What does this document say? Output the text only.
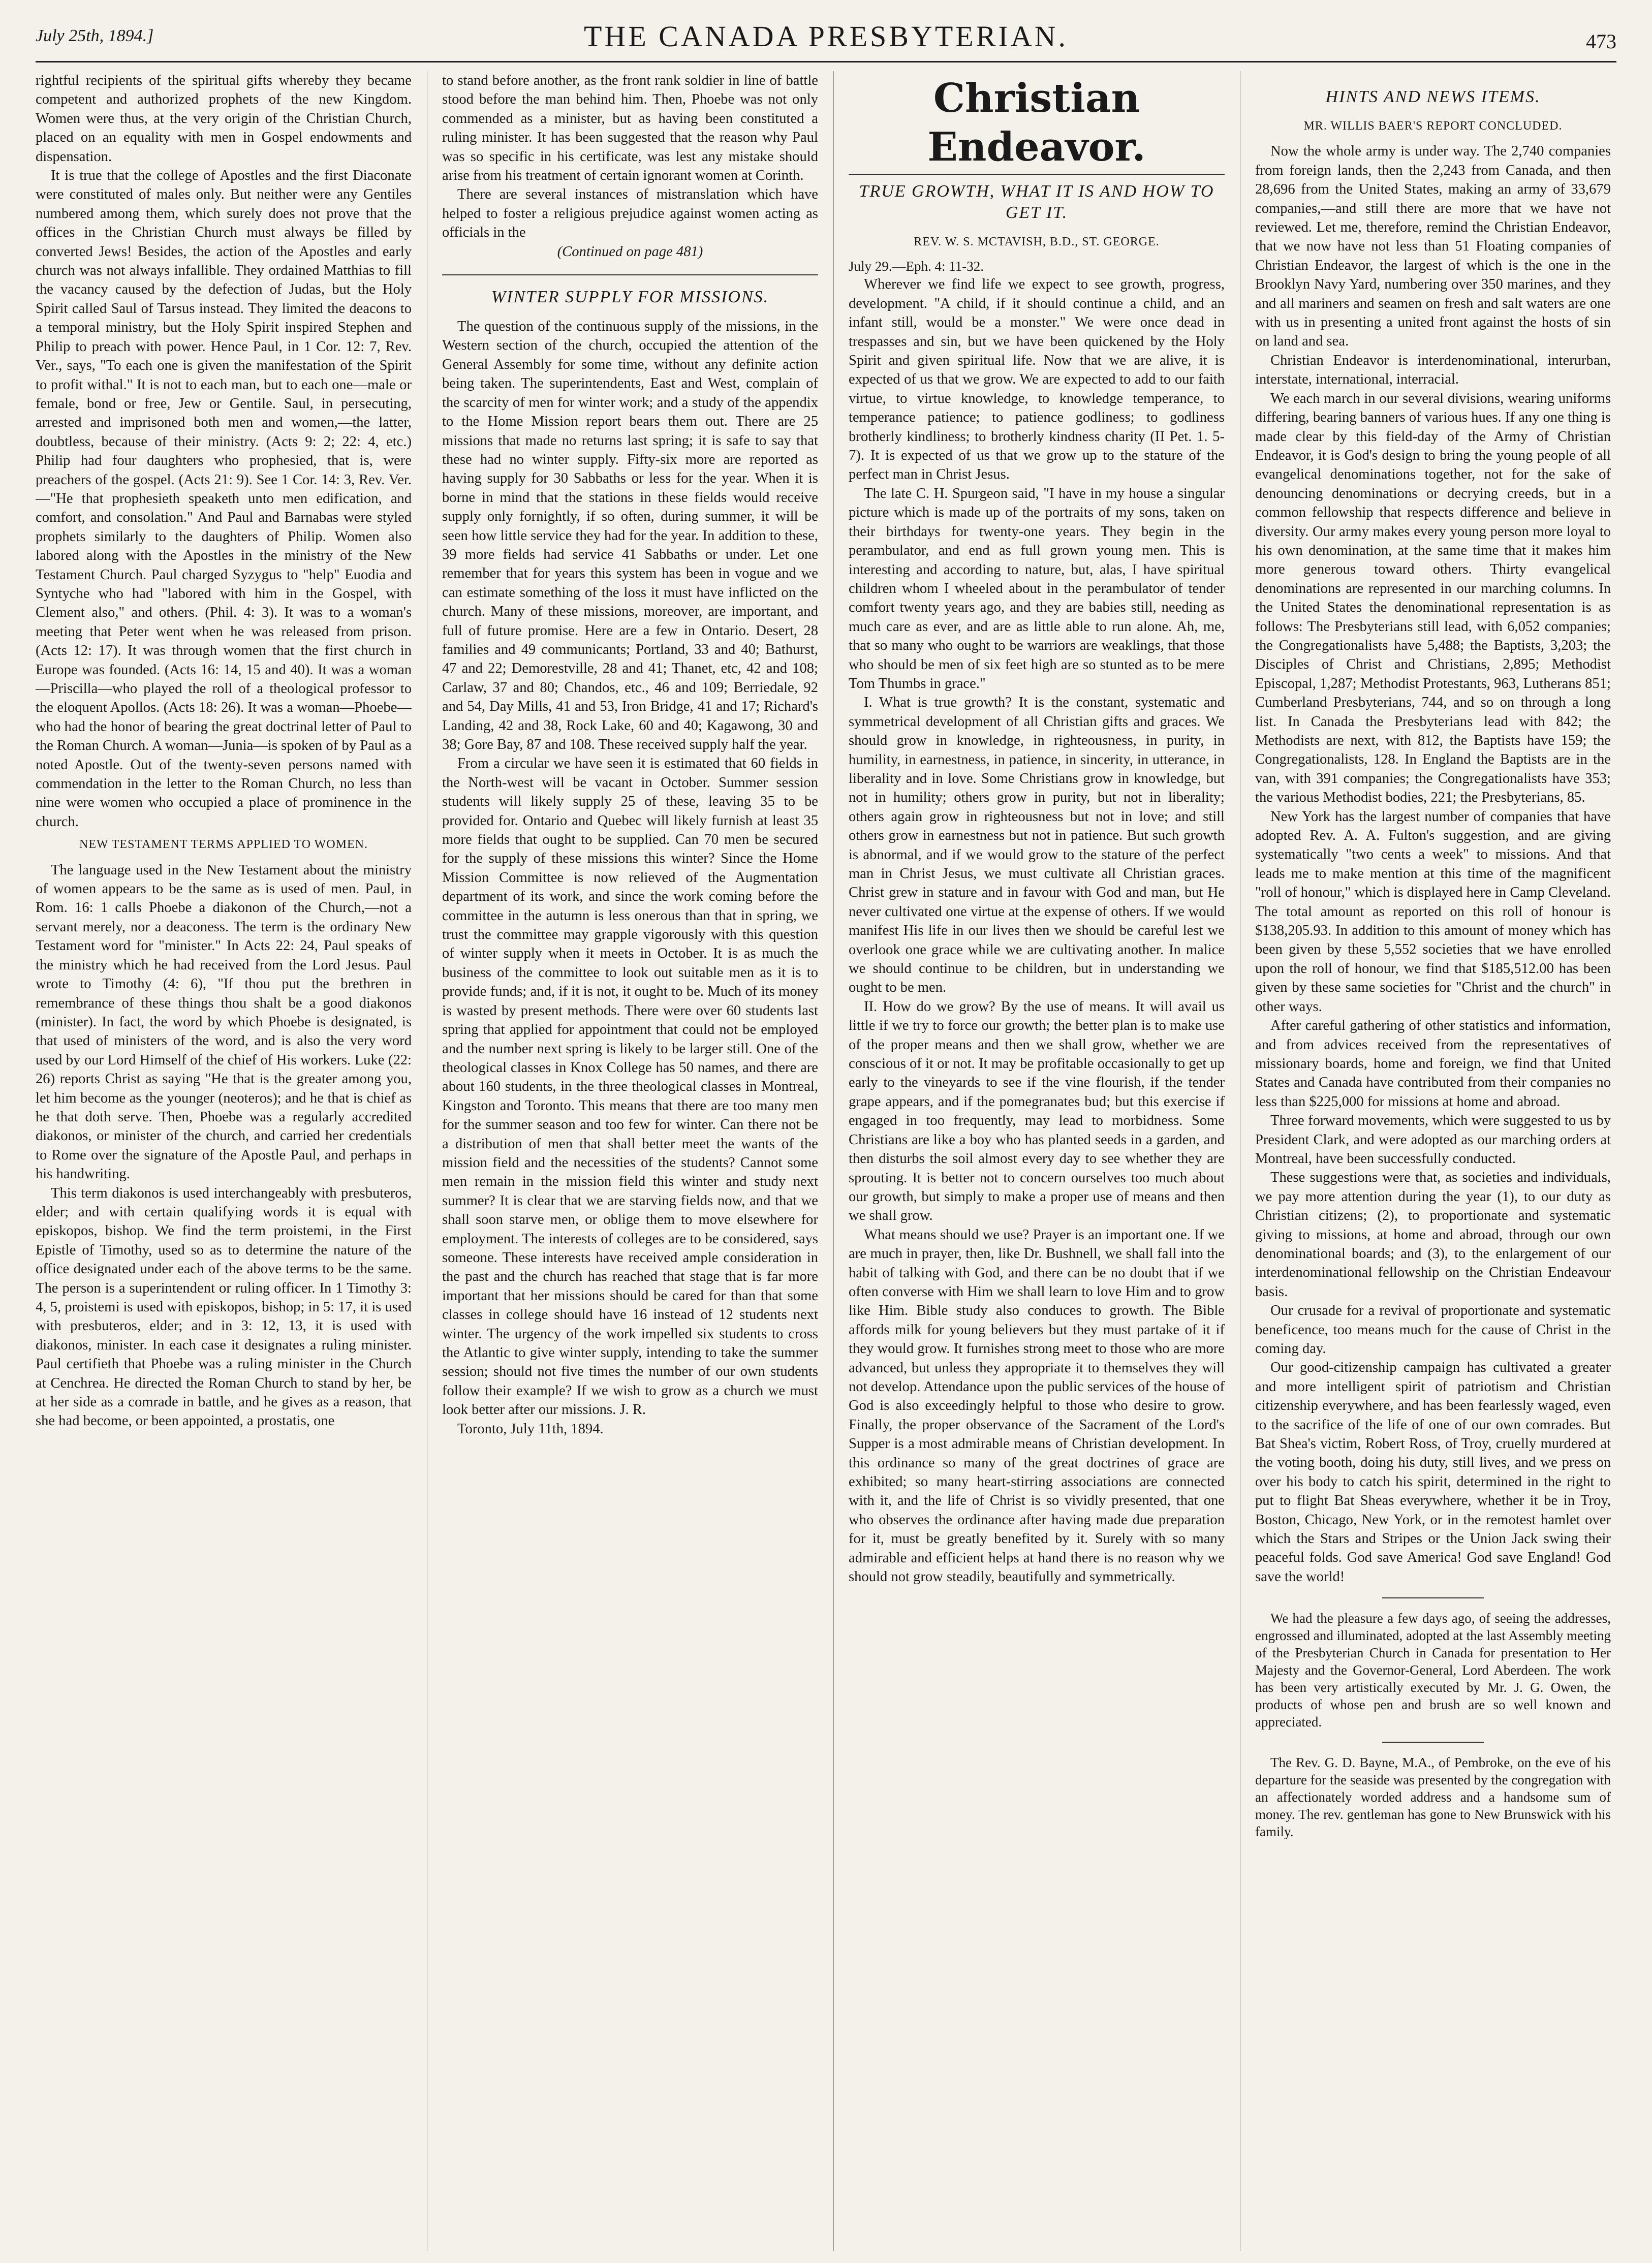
July 25th, 1894.]	THE CANADA PRESBYTERIAN.	473

rightful recipients of the spiritual gifts whereby they became competent and authorized prophets of the new Kingdom. Women were thus, at the very origin of the Christian Church, placed on an equality with men in Gospel endowments and dispensation.

It is true that the college of Apostles and the first Diaconate were constituted of males only. But neither were any Gentiles numbered among them, which surely does not prove that the offices in the Christian Church must always be filled by converted Jews! Besides, the action of the Apostles and early church was not always infallible. They ordained Matthias to fill the vacancy caused by the defection of Judas, but the Holy Spirit called Saul of Tarsus instead. They limited the deacons to a temporal ministry, but the Holy Spirit inspired Stephen and Philip to preach with power. Hence Paul, in 1 Cor. 12: 7, Rev. Ver., says, "To each one is given the manifestation of the Spirit to profit withal." It is not to each man, but to each one—male or female, bond or free, Jew or Gentile. Saul, in persecuting, arrested and imprisoned both men and women,—the latter, doubtless, because of their ministry. (Acts 9: 2; 22: 4, etc.) Philip had four daughters who prophesied, that is, were preachers of the gospel. (Acts 21: 9). See 1 Cor. 14: 3, Rev. Ver.—"He that prophesieth speaketh unto men edification, and comfort, and consolation." And Paul and Barnabas were styled prophets similarly to the daughters of Philip. Women also labored along with the Apostles in the ministry of the New Testament Church. Paul charged Syzygus to "help" Euodia and Syntyche who had "labored with him in the Gospel, with Clement also," and others. (Phil. 4: 3). It was to a woman's meeting that Peter went when he was released from prison. (Acts 12: 17). It was through women that the first church in Europe was founded. (Acts 16: 14, 15 and 40). It was a woman—Priscilla—who played the roll of a theological professor to the eloquent Apollos. (Acts 18: 26). It was a woman—Phoebe—who had the honor of bearing the great doctrinal letter of Paul to the Roman Church. A woman—Junia—is spoken of by Paul as a noted Apostle. Out of the twenty-seven persons named with commendation in the letter to the Roman Church, no less than nine were women who occupied a place of prominence in the church.

NEW TESTAMENT TERMS APPLIED TO WOMEN.

The language used in the New Testament about the ministry of women appears to be the same as is used of men. Paul, in Rom. 16: 1 calls Phoebe a diakonon of the Church,—not a servant merely, nor a deaconess. The term is the ordinary New Testament word for "minister." In Acts 22: 24, Paul speaks of the ministry which he had received from the Lord Jesus. Paul wrote to Timothy (4: 6), "If thou put the brethren in remembrance of these things thou shalt be a good diakonos (minister). In fact, the word by which Phoebe is designated, is that used of ministers of the word, and is also the very word used by our Lord Himself of the chief of His workers. Luke (22: 26) reports Christ as saying "He that is the greater among you, let him become as the younger (neoteros); and he that is chief as he that doth serve. Then, Phoebe was a regularly accredited diakonos, or minister of the church, and carried her credentials to Rome over the signature of the Apostle Paul, and perhaps in his handwriting.

This term diakonos is used interchangeably with presbuteros, elder; and with certain qualifying words it is equal with episkopos, bishop. We find the term proistemi, in the First Epistle of Timothy, used so as to determine the nature of the office designated under each of the above terms to be the same. The person is a superintendent or ruling officer. In 1 Timothy 3: 4, 5, proistemi is used with episkopos, bishop; in 5: 17, it is used with presbuteros, elder; and in 3: 12, 13, it is used with diakonos, minister. In each case it designates a ruling minister. Paul certifieth that Phoebe was a ruling minister in the Church at Cenchrea. He directed the Roman Church to stand by her, be at her side as a comrade in battle, and he gives as a reason, that she had become, or been appointed, a prostatis, one

to stand before another, as the front rank soldier in line of battle stood before the man behind him. Then, Phoebe was not only commended as a minister, but as having been constituted a ruling minister. It has been suggested that the reason why Paul was so specific in his certificate, was lest any mistake should arise from his treatment of certain ignorant women at Corinth.

There are several instances of mistranslation which have helped to foster a religious prejudice against women acting as officials in the

(Continued on page 481)

WINTER SUPPLY FOR MISSIONS.

The question of the continuous supply of the missions, in the Western section of the church, occupied the attention of the General Assembly for some time, without any definite action being taken. The superintendents, East and West, complain of the scarcity of men for winter work; and a study of the appendix to the Home Mission report bears them out. There are 25 missions that made no returns last spring; it is safe to say that these had no winter supply. Fifty-six more are reported as having supply for 30 Sabbaths or less for the year. When it is borne in mind that the stations in these fields would receive supply only fornightly, if so often, during summer, it will be seen how little service they had for the year. In addition to these, 39 more fields had service 41 Sabbaths or under. Let one remember that for years this system has been in vogue and we can estimate something of the loss it must have inflicted on the church. Many of these missions, moreover, are important, and full of future promise. Here are a few in Ontario. Desert, 28 families and 49 communicants; Portland, 33 and 40; Bathurst, 47 and 22; Demorestville, 28 and 41; Thanet, etc, 42 and 108; Carlaw, 37 and 80; Chandos, etc., 46 and 109; Berriedale, 92 and 54, Day Mills, 41 and 53, Iron Bridge, 41 and 17; Richard's Landing, 42 and 38, Rock Lake, 60 and 40; Kagawong, 30 and 38; Gore Bay, 87 and 108. These received supply half the year.

From a circular we have seen it is estimated that 60 fields in the North-west will be vacant in October. Summer session students will likely supply 25 of these, leaving 35 to be provided for. Ontario and Quebec will likely furnish at least 35 more fields that ought to be supplied. Can 70 men be secured for the supply of these missions this winter? Since the Home Mission Committee is now relieved of the Augmentation department of its work, and since the work coming before the committee in the autumn is less onerous than that in spring, we trust the committee may grapple vigorously with this question of winter supply when it meets in October. It is as much the business of the committee to look out suitable men as it is to provide funds; and, if it is not, it ought to be. Much of its money is wasted by present methods. There were over 60 students last spring that applied for appointment that could not be employed and the number next spring is likely to be larger still. One of the theological classes in Knox College has 50 names, and there are about 160 students, in the three theological classes in Montreal, Kingston and Toronto. This means that there are too many men for the summer season and too few for winter. Can there not be a distribution of men that shall better meet the wants of the mission field and the necessities of the students? Cannot some men remain in the mission field this winter and study next summer? It is clear that we are starving fields now, and that we shall soon starve men, or oblige them to move elsewhere for employment. The interests of colleges are to be considered, says someone. These interests have received ample consideration in the past and the church has reached that stage that is far more important that her missions should be cared for than that some classes in college should have 16 instead of 12 students next winter. The urgency of the work impelled six students to cross the Atlantic to give winter supply, intending to take the summer session; should not five times the number of our own students follow their example? If we wish to grow as a church we must look better after our missions. J. R.

Toronto, July 11th, 1894.

Christian Endeavor.

TRUE GROWTH, WHAT IT IS AND HOW TO GET IT.

REV. W. S. MCTAVISH, B.D., ST. GEORGE.

July 29.—Eph. 4: 11-32.

Wherever we find life we expect to see growth, progress, development. "A child, if it should continue a child, and an infant still, would be a monster." We were once dead in trespasses and sin, but we have been quickened by the Holy Spirit and given spiritual life. Now that we are alive, it is expected of us that we grow. We are expected to add to our faith virtue, to virtue knowledge, to knowledge temperance, to temperance patience; to patience godliness; to godliness brotherly kindliness; to brotherly kindness charity (II Pet. 1. 5-7). It is expected of us that we grow up to the stature of the perfect man in Christ Jesus.

The late C. H. Spurgeon said, "I have in my house a singular picture which is made up of the portraits of my sons, taken on their birthdays for twenty-one years. They begin in the perambulator, and end as full grown young men. This is interesting and according to nature, but, alas, I have spiritual children whom I wheeled about in the perambulator of tender comfort twenty years ago, and they are babies still, needing as much care as ever, and are as little able to run alone. Ah, me, that so many who ought to be warriors are weaklings, that those who should be men of six feet high are so stunted as to be mere Tom Thumbs in grace."

I. What is true growth? It is the constant, systematic and symmetrical development of all Christian gifts and graces. We should grow in knowledge, in righteousness, in purity, in humility, in earnestness, in patience, in sincerity, in utterance, in liberality and in love. Some Christians grow in knowledge, but not in humility; others grow in purity, but not in liberality; others again grow in righteousness but not in love; and still others grow in earnestness but not in patience. But such growth is abnormal, and if we would grow to the stature of the perfect man in Christ Jesus, we must cultivate all Christian graces. Christ grew in stature and in favour with God and man, but He never cultivated one virtue at the expense of others. If we would manifest His life in our lives then we should be careful lest we overlook one grace while we are cultivating another. In malice we should continue to be children, but in understanding we ought to be men.

II. How do we grow? By the use of means. It will avail us little if we try to force our growth; the better plan is to make use of the proper means and then we shall grow, whether we are conscious of it or not. It may be profitable occasionally to get up early to the vineyards to see if the vine flourish, if the tender grape appears, and if the pomegranates bud; but this exercise if engaged in too frequently, may lead to morbidness. Some Christians are like a boy who has planted seeds in a garden, and then disturbs the soil almost every day to see whether they are sprouting. It is better not to concern ourselves too much about our growth, but simply to make a proper use of means and then we shall grow.

What means should we use? Prayer is an important one. If we are much in prayer, then, like Dr. Bushnell, we shall fall into the habit of talking with God, and there can be no doubt that if we often converse with Him we shall learn to love Him and to grow like Him. Bible study also conduces to growth. The Bible affords milk for young believers but they must partake of it if they would grow. It furnishes strong meet to those who are more advanced, but unless they appropriate it to themselves they will not develop. Attendance upon the public services of the house of God is also exceedingly helpful to those who desire to grow. Finally, the proper observance of the Sacrament of the Lord's Supper is a most admirable means of Christian development. In this ordinance so many of the great doctrines of grace are exhibited; so many heart-stirring associations are connected with it, and the life of Christ is so vividly presented, that one who observes the ordinance after having made due preparation for it, must be greatly benefited by it. Surely with so many admirable and efficient helps at hand there is no reason why we should not grow steadily, beautifully and symmetrically.

HINTS AND NEWS ITEMS.

MR. WILLIS BAER'S REPORT CONCLUDED.

Now the whole army is under way. The 2,740 companies from foreign lands, then the 2,243 from Canada, and then 28,696 from the United States, making an army of 33,679 companies,—and still there are more that we have not reviewed. Let me, therefore, remind the Christian Endeavor, that we now have not less than 51 Floating companies of Christian Endeavor, the largest of which is the one in the Brooklyn Navy Yard, numbering over 350 marines, and they and all mariners and seamen on fresh and salt waters are one with us in presenting a united front against the hosts of sin on land and sea.

Christian Endeavor is interdenominational, interurban, interstate, international, interracial.

We each march in our several divisions, wearing uniforms differing, bearing banners of various hues. If any one thing is made clear by this field-day of the Army of Christian Endeavor, it is God's design to bring the young people of all evangelical denominations together, not for the sake of denouncing denominations or decrying creeds, but in a common fellowship that respects difference and believe in diversity. Our army makes every young person more loyal to his own denomination, at the same time that it makes him more generous toward others. Thirty evangelical denominations are represented in our marching columns. In the United States the denominational representation is as follows: The Presbyterians still lead, with 6,052 companies; the Congregationalists have 5,488; the Baptists, 3,203; the Disciples of Christ and Christians, 2,895; Methodist Episcopal, 1,287; Methodist Protestants, 963, Lutherans 851; Cumberland Presbyterians, 744, and so on through a long list. In Canada the Presbyterians lead with 842; the Methodists are next, with 812, the Baptists have 159; the Congregationalists, 128. In England the Baptists are in the van, with 391 companies; the Congregationalists have 353; the various Methodist bodies, 221; the Presbyterians, 85.

New York has the largest number of companies that have adopted Rev. A. A. Fulton's suggestion, and are giving systematically "two cents a week" to missions. And that leads me to make mention at this time of the magnificent "roll of honour," which is displayed here in Camp Cleveland. The total amount as reported on this roll of honour is $138,205.93. In addition to this amount of money which has been given by these 5,552 societies that we have enrolled upon the roll of honour, we find that $185,512.00 has been given by these same societies for "Christ and the church" in other ways.

After careful gathering of other statistics and information, and from advices received from the representatives of missionary boards, home and foreign, we find that United States and Canada have contributed from their companies no less than $225,000 for missions at home and abroad.

Three forward movements, which were suggested to us by President Clark, and were adopted as our marching orders at Montreal, have been successfully conducted.

These suggestions were that, as societies and individuals, we pay more attention during the year (1), to our duty as Christian citizens; (2), to proportionate and systematic giving to missions, at home and abroad, through our own denominational boards; and (3), to the enlargement of our interdenominational fellowship on the Christian Endeavour basis.

Our crusade for a revival of proportionate and systematic beneficence, too means much for the cause of Christ in the coming day.

Our good-citizenship campaign has cultivated a greater and more intelligent spirit of patriotism and Christian citizenship everywhere, and has been fearlessly waged, even to the sacrifice of the life of one of our own comrades. But Bat Shea's victim, Robert Ross, of Troy, cruelly murdered at the voting booth, doing his duty, still lives, and we press on over his body to catch his spirit, determined in the right to put to flight Bat Sheas everywhere, whether it be in Troy, Boston, Chicago, New York, or in the remotest hamlet over which the Stars and Stripes or the Union Jack swing their peaceful folds. God save America! God save England! God save the world!

We had the pleasure a few days ago, of seeing the addresses, engrossed and illuminated, adopted at the last Assembly meeting of the Presbyterian Church in Canada for presentation to Her Majesty and the Governor-General, Lord Aberdeen. The work has been very artistically executed by Mr. J. G. Owen, the products of whose pen and brush are so well known and appreciated.

The Rev. G. D. Bayne, M.A., of Pembroke, on the eve of his departure for the seaside was presented by the congregation with an affectionately worded address and a handsome sum of money. The rev. gentleman has gone to New Brunswick with his family.
